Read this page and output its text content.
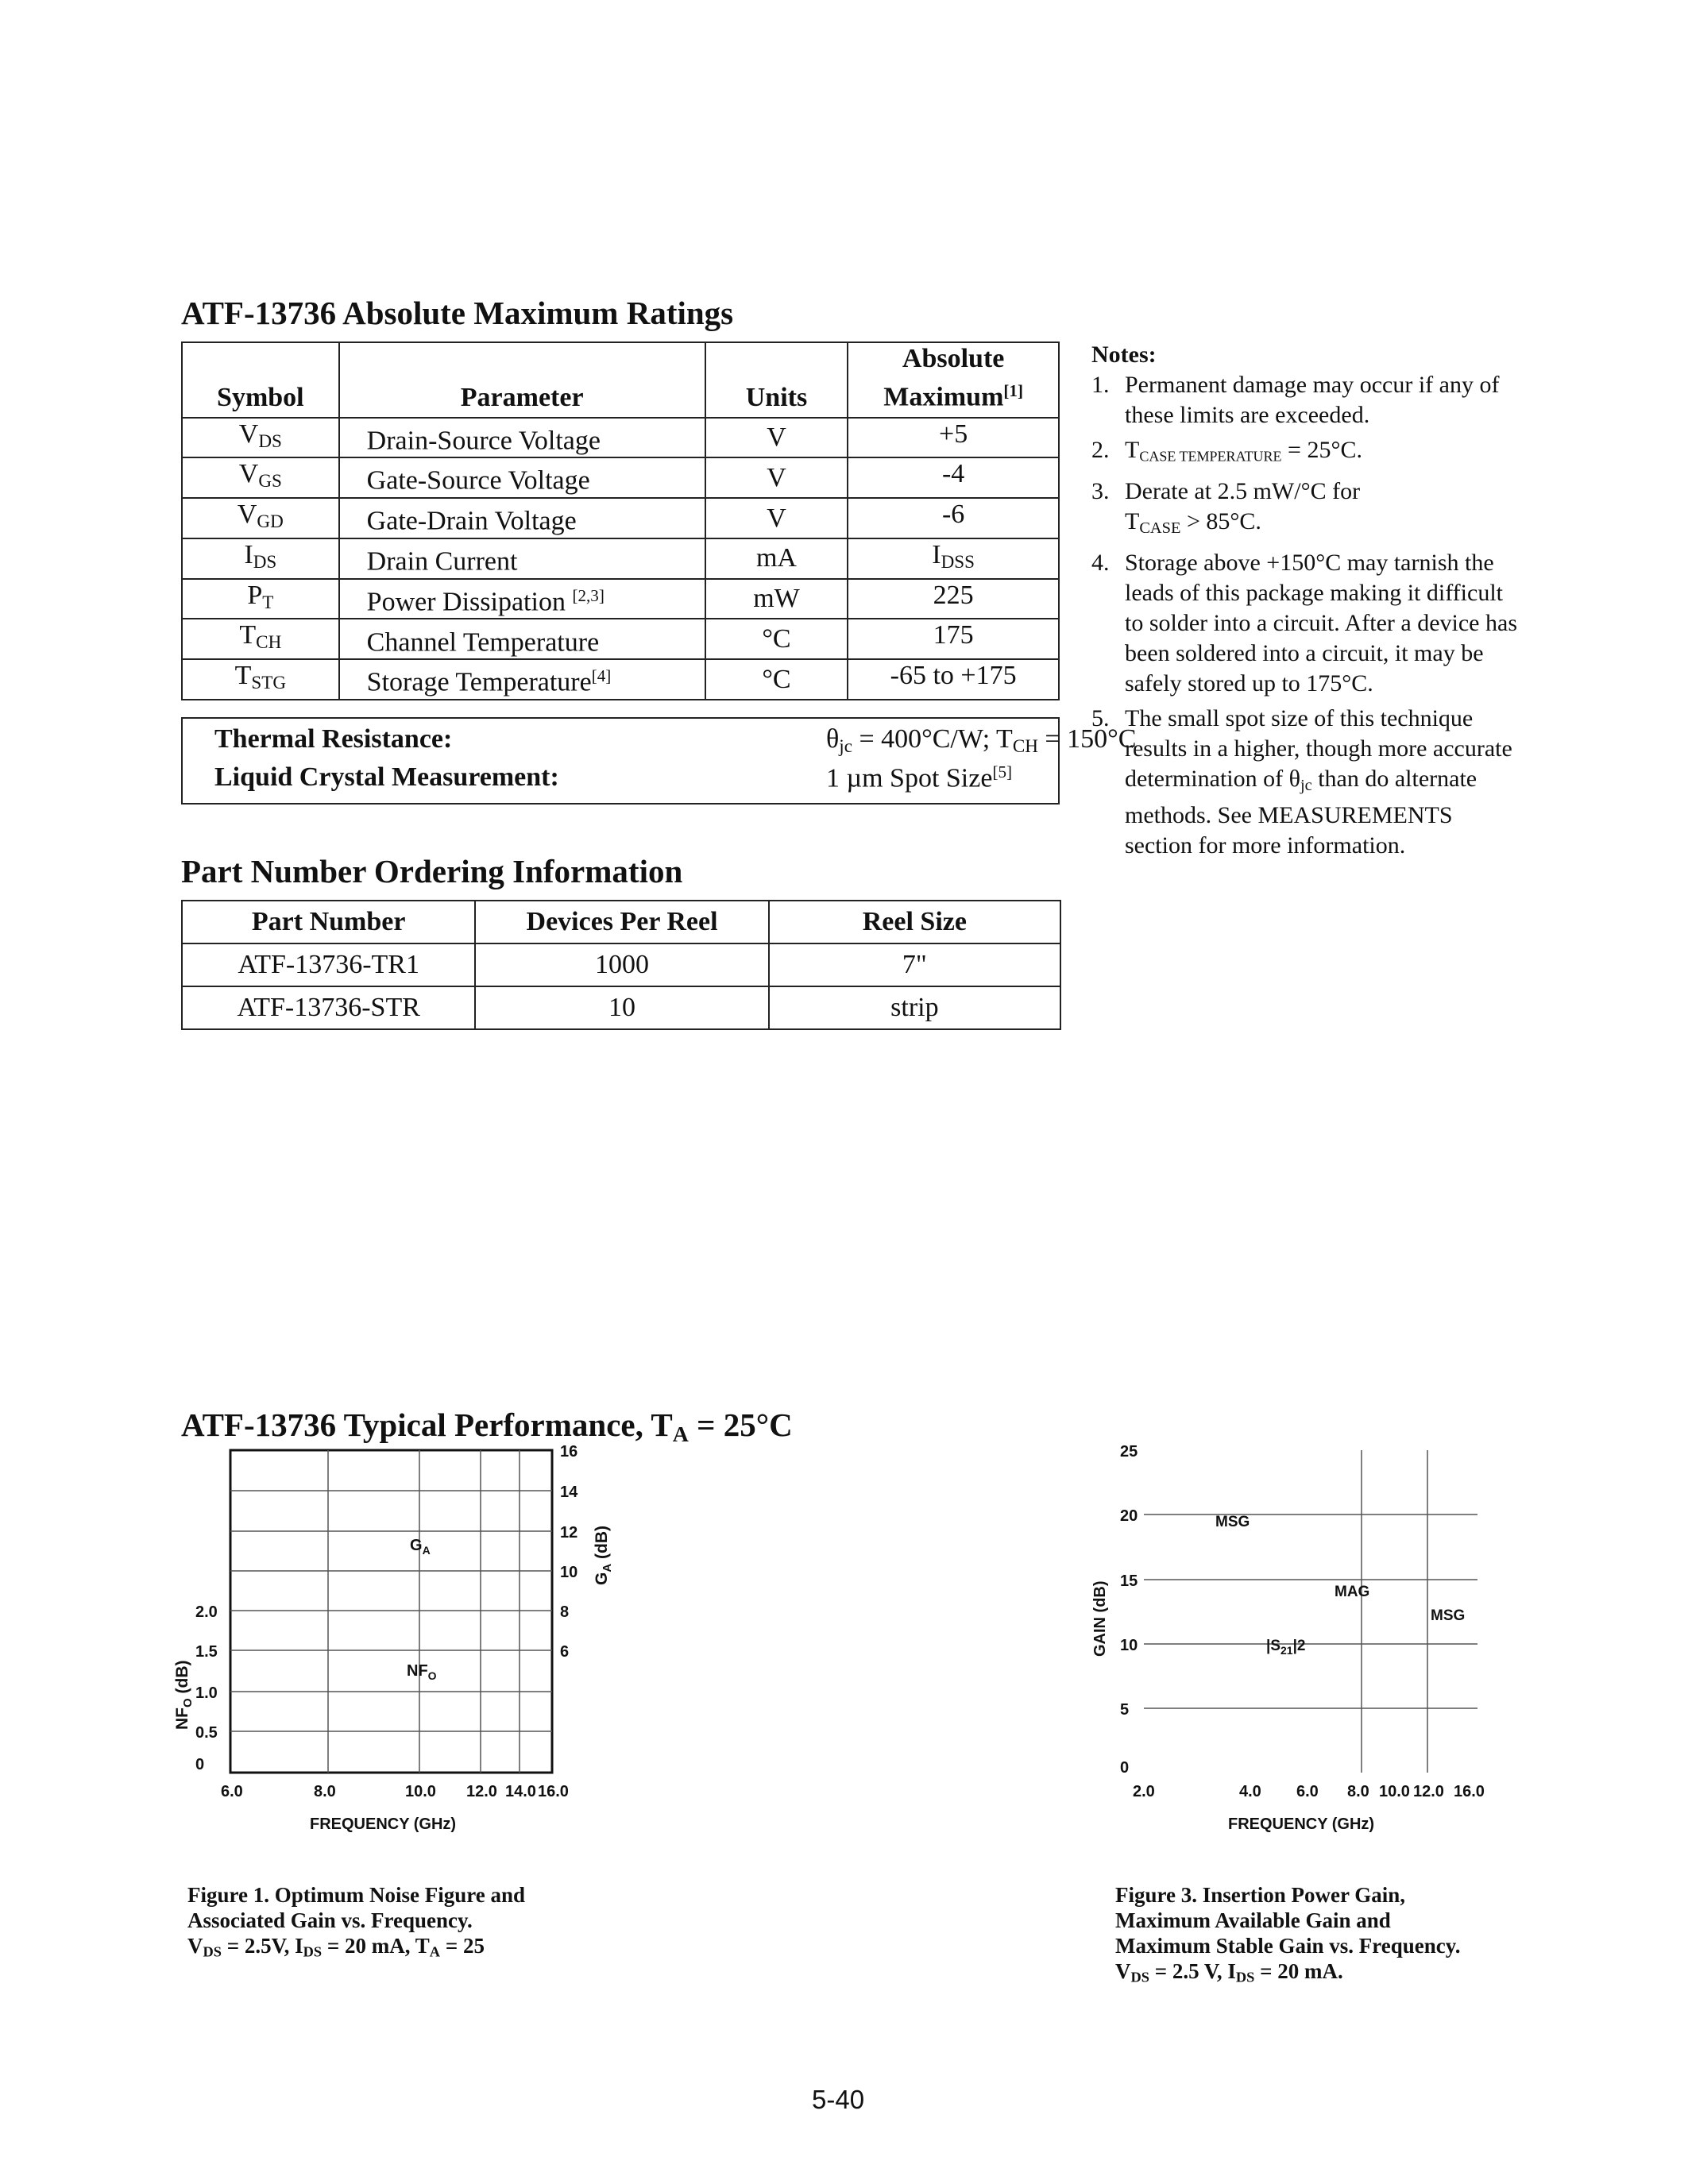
ATF-13736 Absolute Maximum Ratings
Symbol	Parameter	Units	Absolute
Maximum[1]
$V_{DS}$	Drain-Source Voltage	V	+5
$V_{GS}$	Gate-Source Voltage	V	-4
$V_{GD}$	Gate-Drain Voltage	V	-6
$I_{DS}$	Drain Current	mA	$I_{DSS}$
$P_T$	Power Dissipation [2,3]	mW	225
$T_{CH}$	Channel Temperature	°C	175
$T_{STG}$	Storage Temperature[4]	°C	-65 to +175
Thermal Resistance:	$\theta_{jc} = 400^\circ C/W$; $T_{CH} = 150^\circ C$
Liquid Crystal Measurement:	1 µm Spot Size[5]
Part Number Ordering Information
Part Number	Devices Per Reel	Reel Size
ATF-13736-TR1	1000	7"
ATF-13736-STR	10	strip
Notes:
1. Permanent damage may occur if any of these limits are exceeded.
2. $T_{CASE TEMPERATURE} = 25^\circ C$.
3. Derate at 2.5 mW/°C for
$T_{CASE} > 85^\circ C$.
4. Storage above +150°C may tarnish the leads of this package making it difficult to solder into a circuit. After a device has been soldered into a circuit, it may be safely stored up to 175°C.
5. The small spot size of this technique results in a higher, though more accurate determination of $\theta_{jc}$ than do alternate methods. See MEASUREMENTS section for more information.
ATF-13736 Typical Performance, $T_A = 25^\circ C$
6.0	8.0	10.0 12.0 14.0 16.0
6
8
10
12
14
16
0
0.5
1.0
1.5
2.0
FREQUENCY (GHz)
$NF_O$ (dB)
$G_A$ (dB)
$G_A$
$NF_O$
0
5
10
15
20
25
2.0	4.0 6.0 8.0 10.0 12.0 16.0
FREQUENCY (GHz)
GAIN (dB)
MSG
MAG
MSG
$|S_{21}|2$
Figure 1. Optimum Noise Figure and
Associated Gain vs. Frequency.
$V_{DS} = 2.5V$, $I_{DS} = 20$ mA, $T_A = 25$
Figure 3. Insertion Power Gain,
Maximum Available Gain and
Maximum Stable Gain vs. Frequency.
$V_{DS} = 2.5$ V, $I_{DS} = 20$ mA.
5-40
